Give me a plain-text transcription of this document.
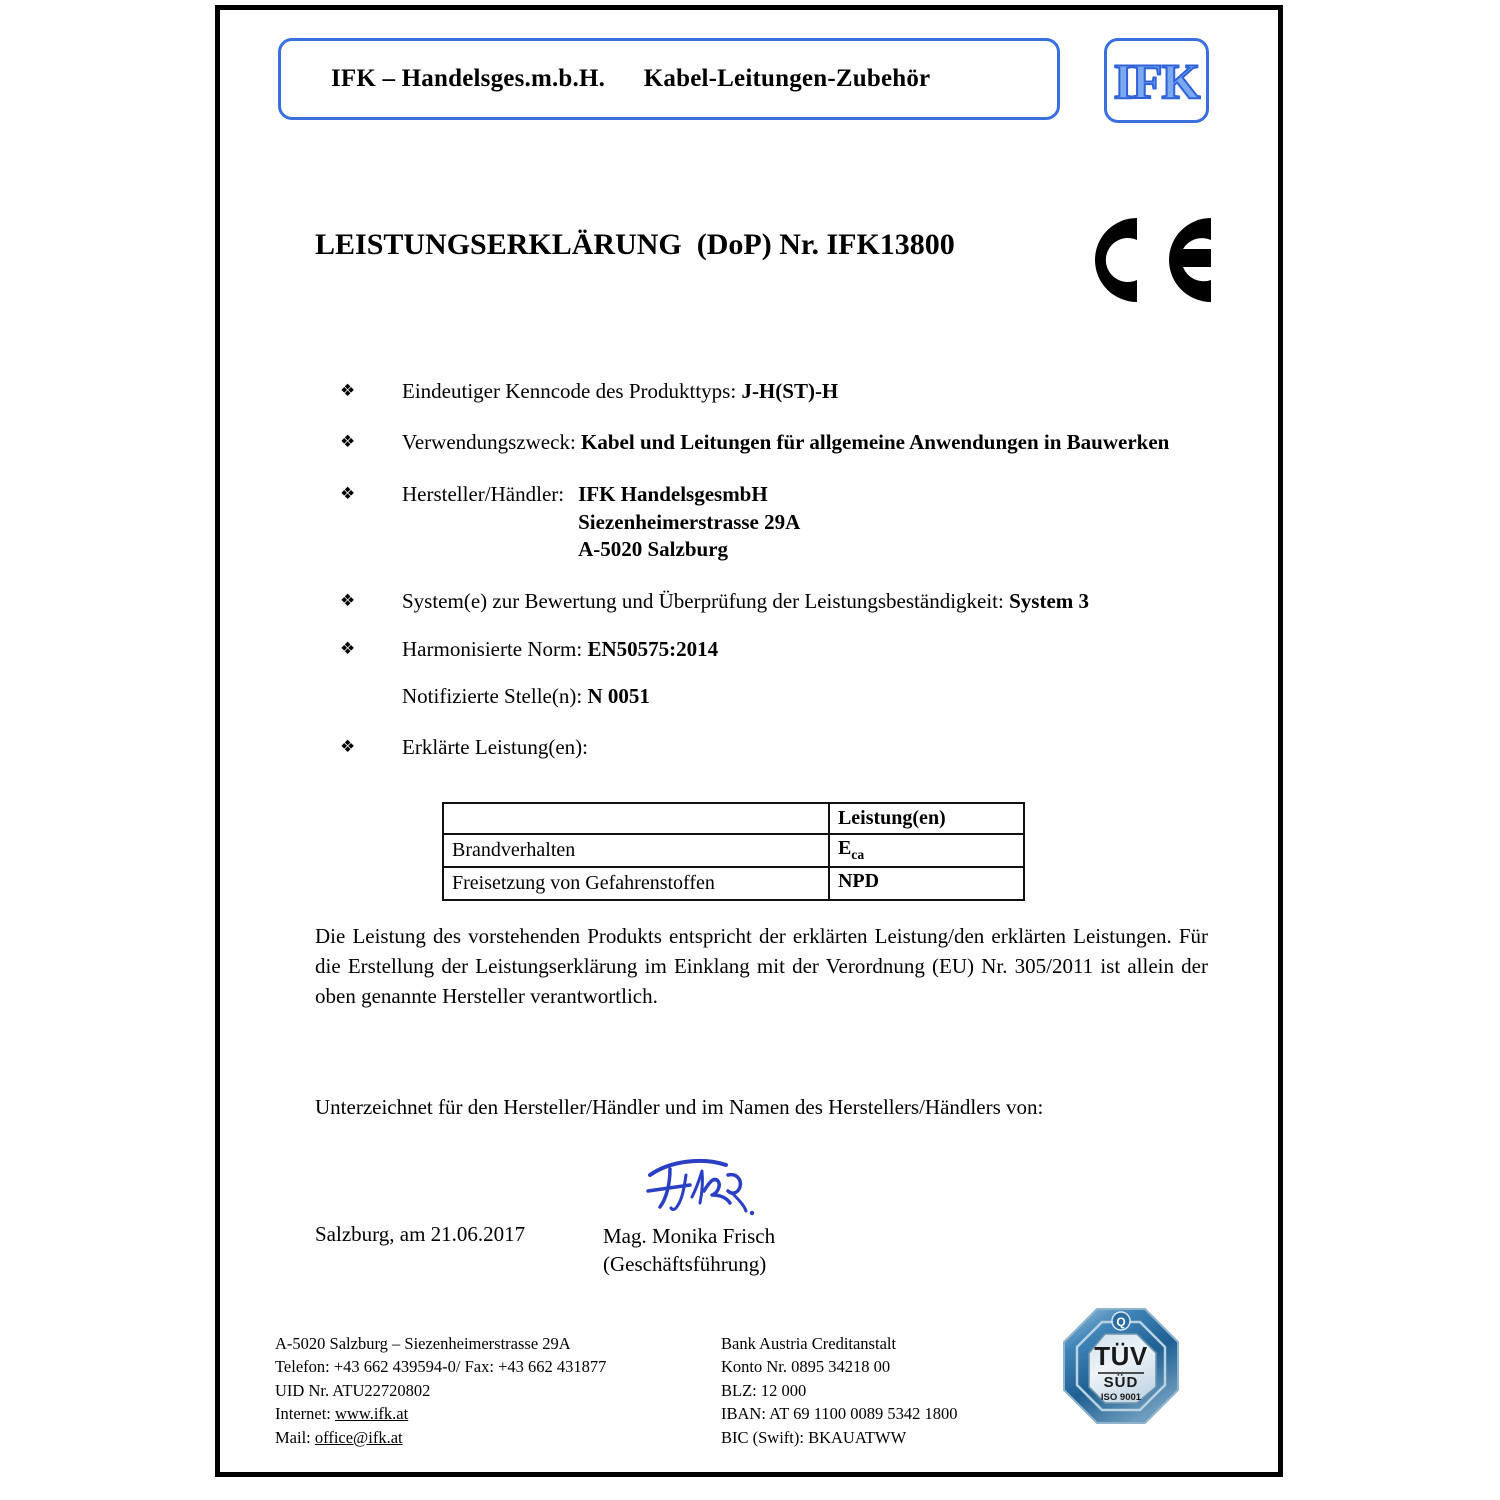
IFK – Handelsges.m.b.H.      Kabel-Leitungen-Zubehör	IFK
LEISTUNGSERKLÄRUNG  (DoP) Nr. IFK13800
❖	Eindeutiger Kenncode des Produkttyps: J-H(ST)-H
❖	Verwendungszweck: Kabel und Leitungen für allgemeine Anwendungen in Bauwerken
❖	Hersteller/Händler: IFK HandelsgesmbH
Siezenheimerstrasse 29A
A-5020 Salzburg
❖	System(e) zur Bewertung und Überprüfung der Leistungsbeständigkeit: System 3
❖	Harmonisierte Norm: EN50575:2014
Notifizierte Stelle(n): N 0051
❖	Erklärte Leistung(en):
	Leistung(en)
Brandverhalten	$E_{ca}$
Freisetzung von Gefahrenstoffen	NPD
Die Leistung des vorstehenden Produkts entspricht der erklärten Leistung/den erklärten Leistungen. Für die Erstellung der Leistungserklärung im Einklang mit der Verordnung (EU) Nr. 305/2011 ist allein der oben genannte Hersteller verantwortlich.
Unterzeichnet für den Hersteller/Händler und im Namen des Herstellers/Händlers von:
Salzburg, am 21.06.2017	Mag. Monika Frisch
(Geschäftsführung)
A-5020 Salzburg – Siezenheimerstrasse 29A
Telefon: +43 662 439594-0/ Fax: +43 662 431877
UID Nr. ATU22720802
Internet: www.ifk.at
Mail: office@ifk.at
Bank Austria Creditanstalt
Konto Nr. 0895 34218 00
BLZ: 12 000
IBAN: AT 69 1100 0089 5342 1800
BIC (Swift): BKAUATWW
Q
TÜV
SÜD
ISO 9001
